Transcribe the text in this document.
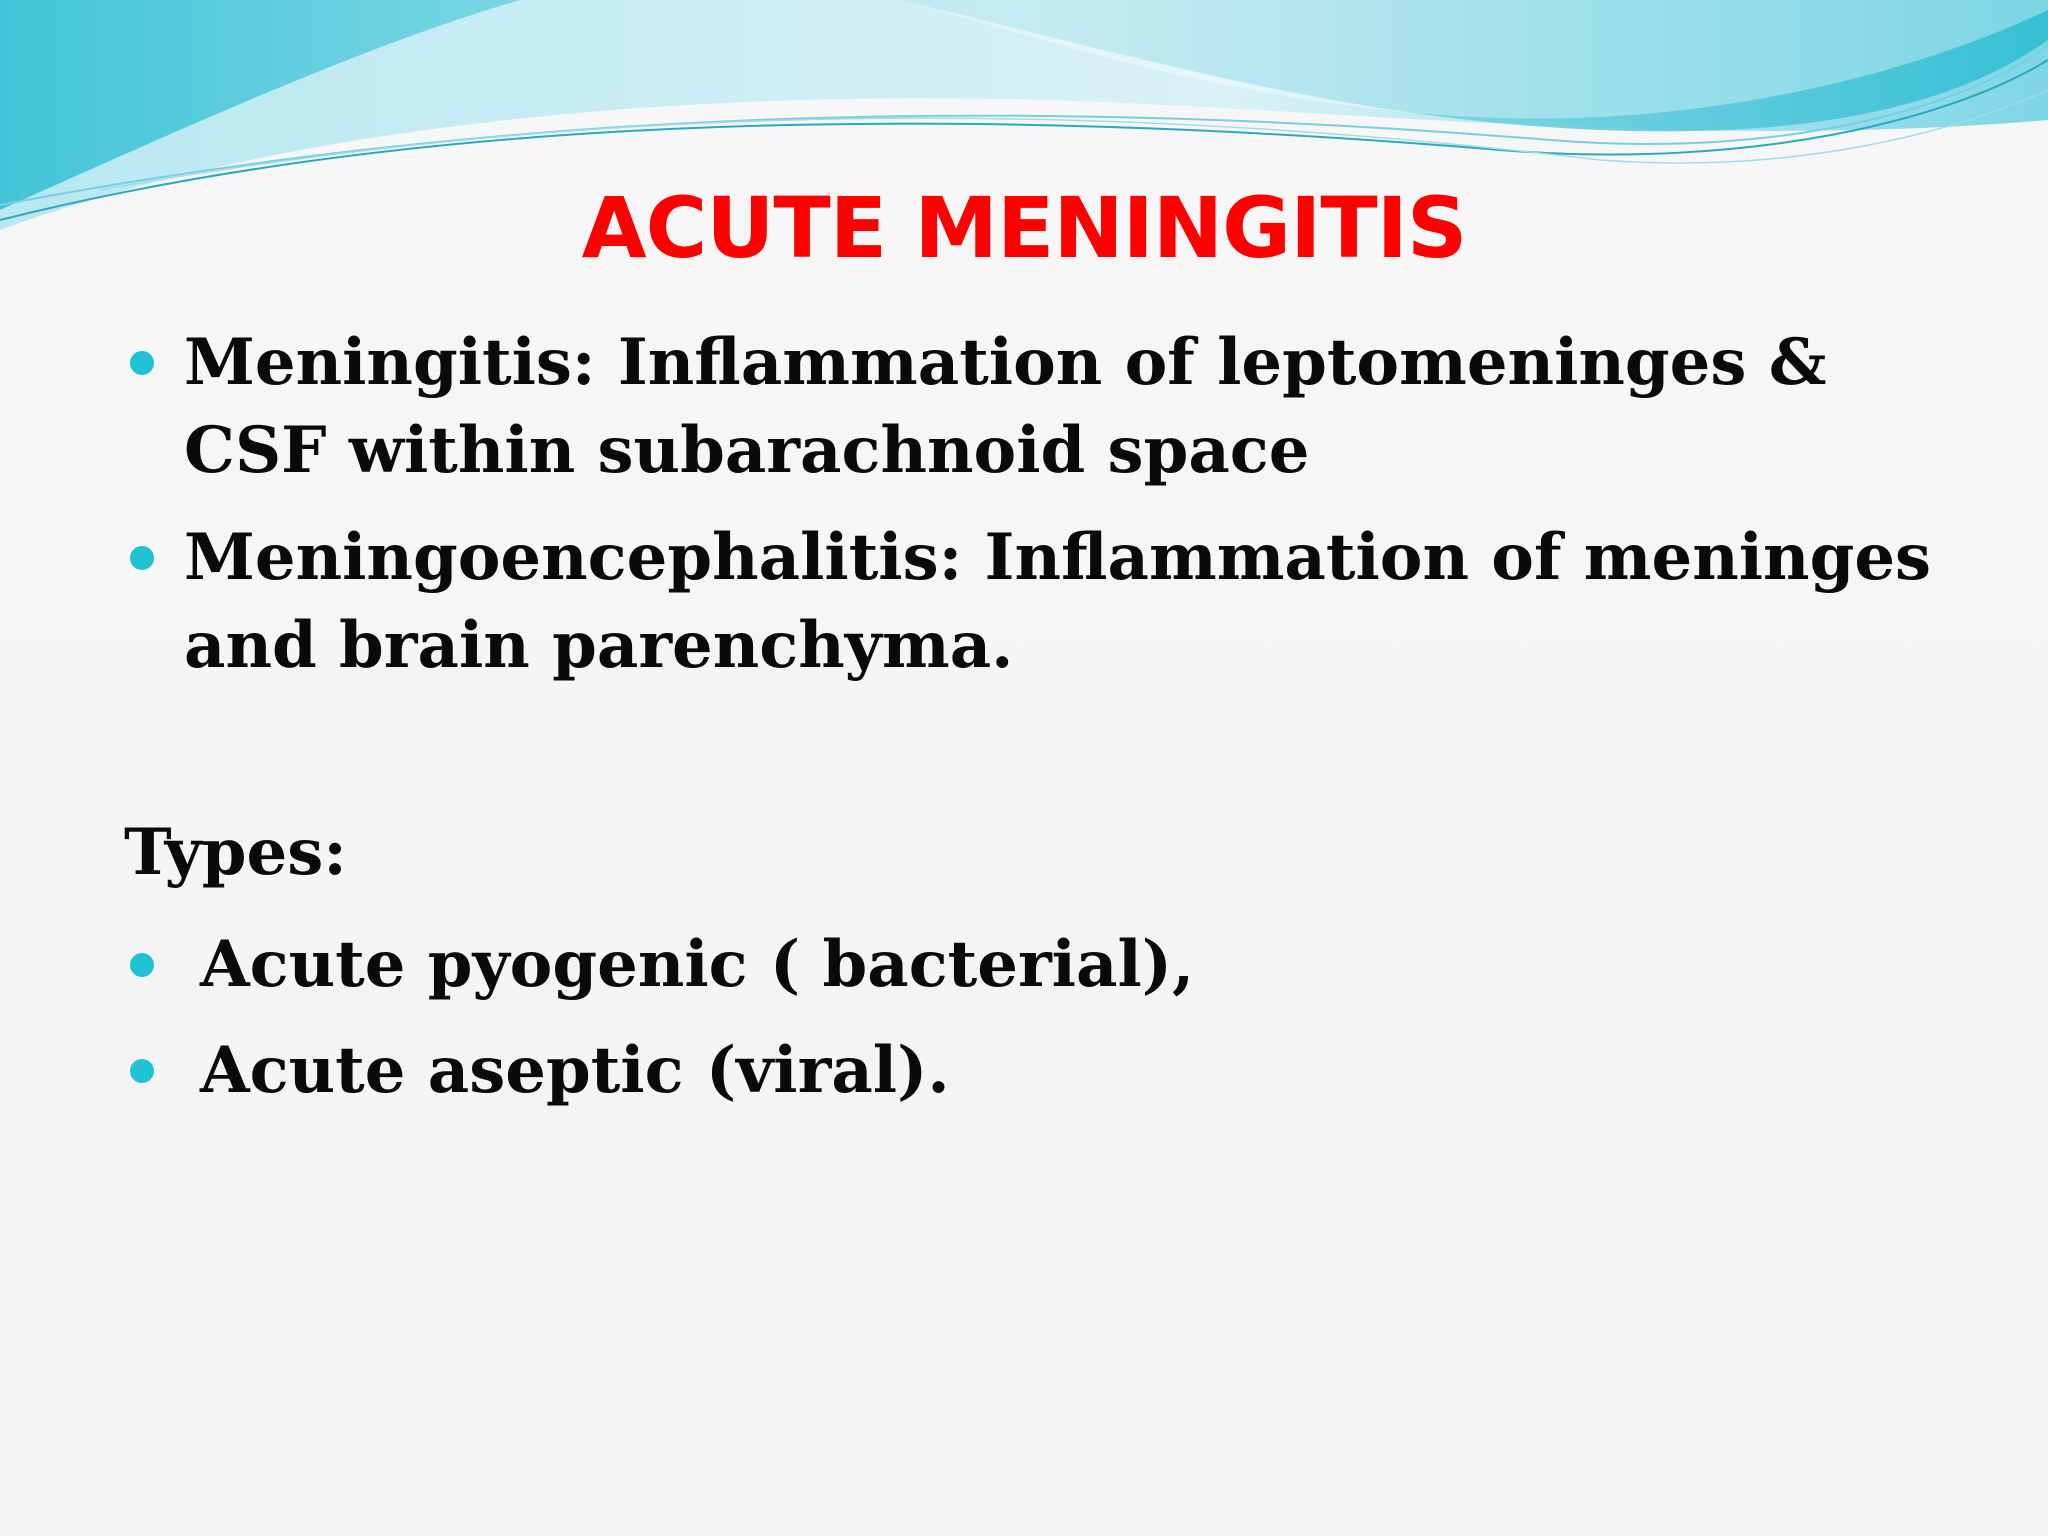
ACUTE MENINGITIS
Meningitis: Inflammation of leptomeninges &
CSF within subarachnoid space
Meningoencephalitis: Inflammation of meninges
and brain parenchyma.
Types:
Acute pyogenic ( bacterial),
Acute aseptic (viral).
